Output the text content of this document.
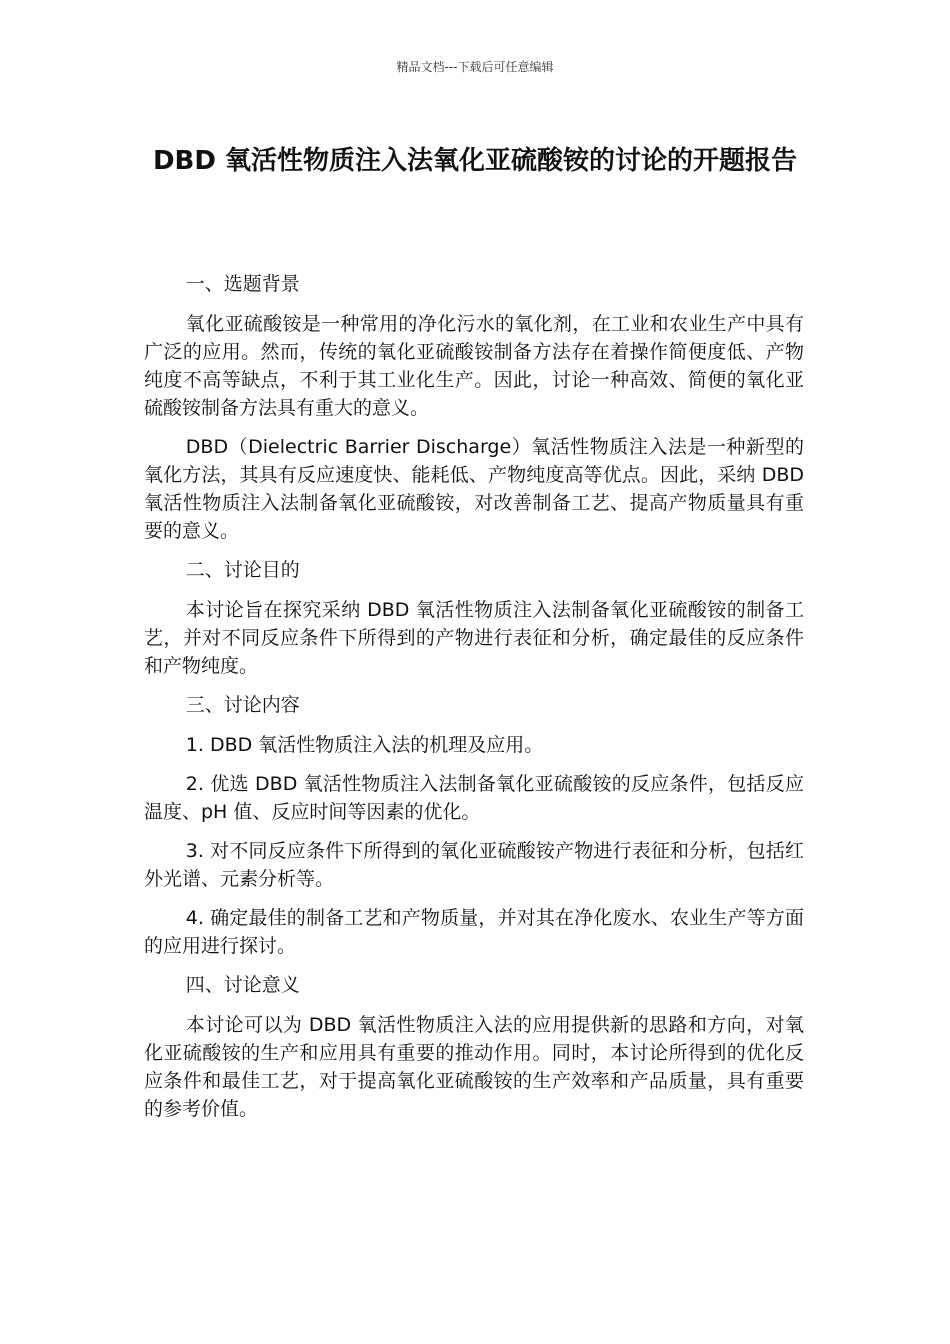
精品文档---下载后可任意编辑
DBD 氧活性物质注入法氧化亚硫酸铵的讨论的开题报告

一、选题背景

氧化亚硫酸铵是一种常用的净化污水的氧化剂，在工业和农业生产中具有广泛的应用。然而，传统的氧化亚硫酸铵制备方法存在着操作简便度低、产物纯度不高等缺点，不利于其工业化生产。因此，讨论一种高效、简便的氧化亚硫酸铵制备方法具有重大的意义。

DBD（Dielectric Barrier Discharge）氧活性物质注入法是一种新型的氧化方法，其具有反应速度快、能耗低、产物纯度高等优点。因此，采纳 DBD 氧活性物质注入法制备氧化亚硫酸铵，对改善制备工艺、提高产物质量具有重要的意义。

二、讨论目的

本讨论旨在探究采纳 DBD 氧活性物质注入法制备氧化亚硫酸铵的制备工艺，并对不同反应条件下所得到的产物进行表征和分析，确定最佳的反应条件和产物纯度。

三、讨论内容

1. DBD 氧活性物质注入法的机理及应用。

2. 优选 DBD 氧活性物质注入法制备氧化亚硫酸铵的反应条件，包括反应温度、pH 值、反应时间等因素的优化。

3. 对不同反应条件下所得到的氧化亚硫酸铵产物进行表征和分析，包括红外光谱、元素分析等。

4. 确定最佳的制备工艺和产物质量，并对其在净化废水、农业生产等方面的应用进行探讨。

四、讨论意义

本讨论可以为 DBD 氧活性物质注入法的应用提供新的思路和方向，对氧化亚硫酸铵的生产和应用具有重要的推动作用。同时，本讨论所得到的优化反应条件和最佳工艺，对于提高氧化亚硫酸铵的生产效率和产品质量，具有重要的参考价值。
